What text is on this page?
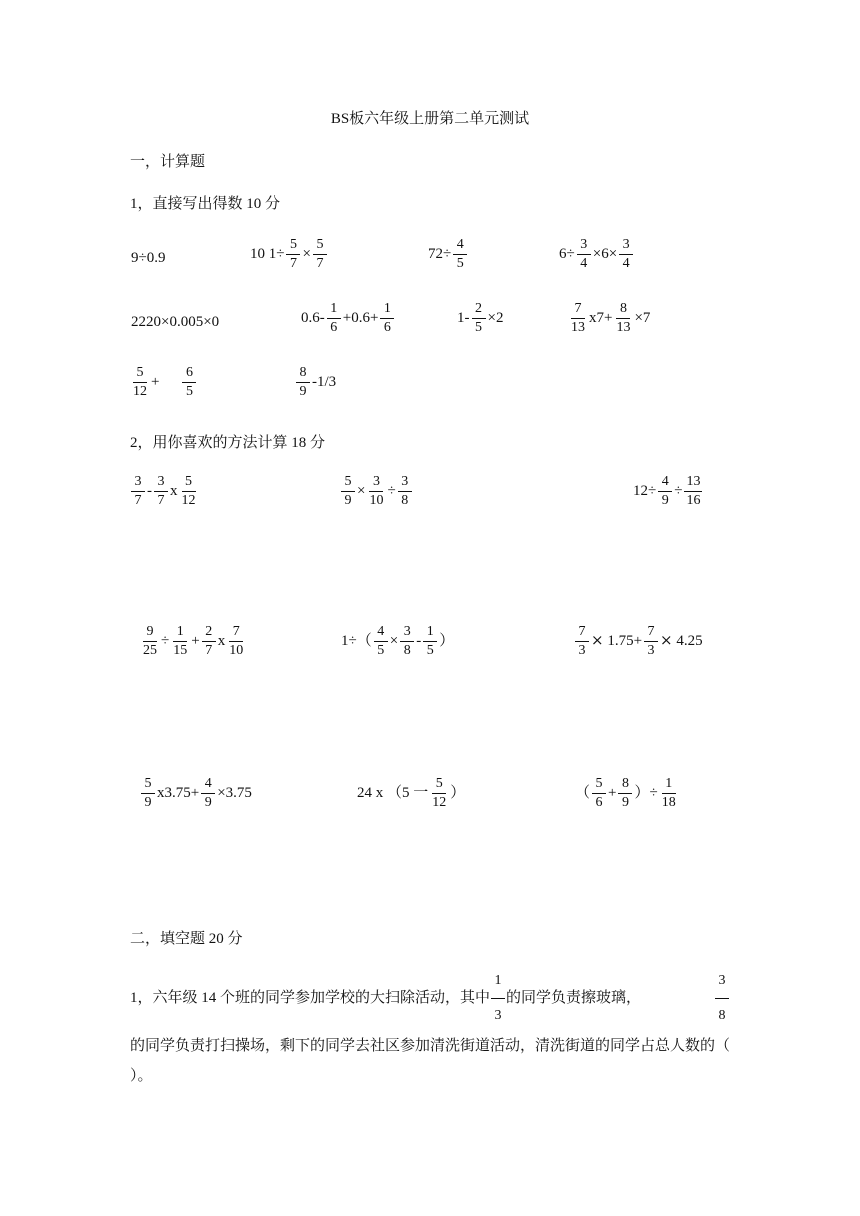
BS板六年级上册第二单元测试
一，计算题
1，直接写出得数 10 分
9÷0.9	10 $1\div \frac{5}{7} \times \frac{5}{7}$	$72\div \frac{4}{5}$	$6\div \frac{3}{4} \times 6\times \frac{3}{4}$
2220×0.005×0	$0.6- \frac{1}{6} +0.6+ \frac{1}{6}$	$1- \frac{2}{5} \times 2$	$\frac{7}{13} x7+ \frac{8}{13} \times 7$
$\frac{5}{12}$ +	$\frac{6}{5}$	$\frac{8}{9} -1/3$
2，用你喜欢的方法计算 18 分
$\frac{3}{7} - \frac{3}{7}$ x $\frac{5}{12}$	$\frac{5}{9} \times \frac{3}{10} \div \frac{3}{8}$	$12\div \frac{4}{9} \div \frac{13}{16}$
$\frac{9}{25} \div \frac{1}{15} + \frac{2}{7}$ x $\frac{7}{10}$	$1\div( \frac{4}{5} \times \frac{3}{8} - \frac{1}{5}$ ）	$\frac{7}{3}$ ⨯ $1.75+ \frac{7}{3}$ ⨯ 4.25
$\frac{5}{9} x3.75+ \frac{4}{9} \times 3.75$	24 x （5 一 $\frac{5}{12}$ ）	（ $\frac{5}{6} + \frac{8}{9}$ ）÷ $\frac{1}{18}$
二，填空题 20 分
1，六年级 14 个班的同学参加学校的大扫除活动，其中 $\frac{1}{3}$ 的同学负责擦玻璃，	$\frac{3}{8}$

的同学负责打扫操场，剩下的同学去社区参加清洗街道活动，清洗街道的同学占总人数的（ ）。
